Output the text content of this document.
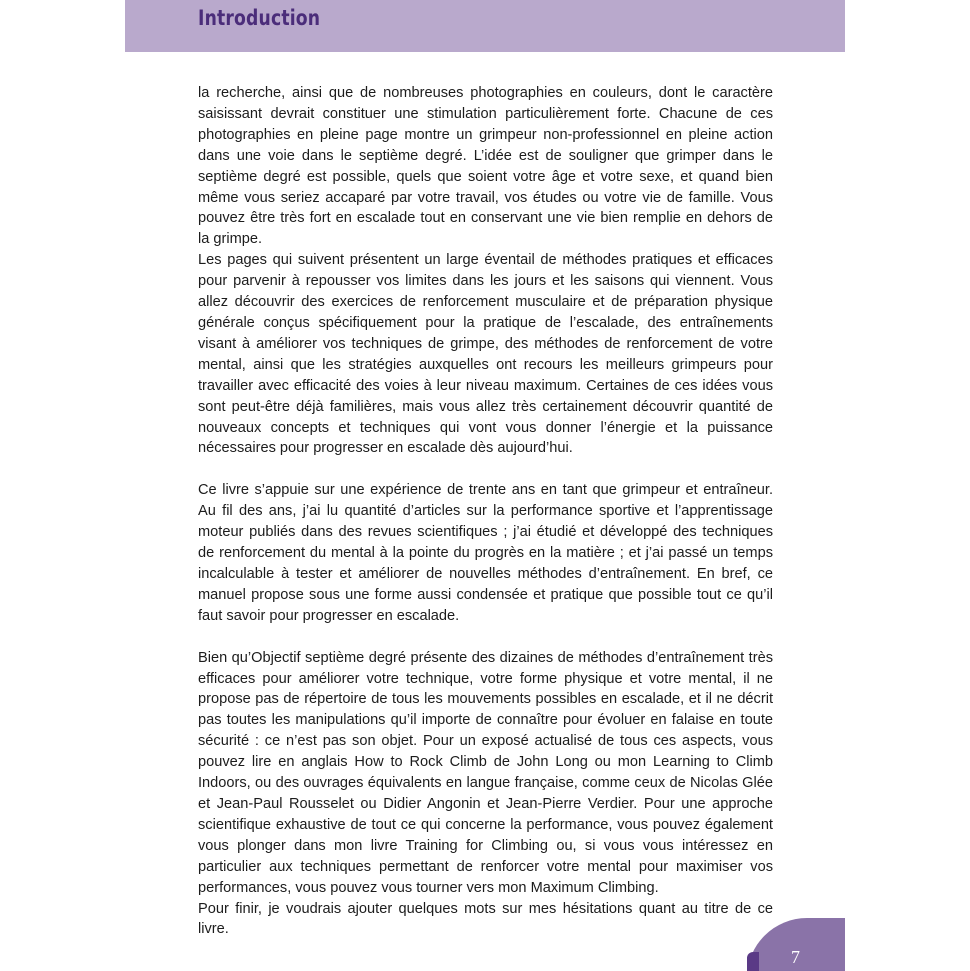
Introduction

la recherche, ainsi que de nombreuses photographies en couleurs, dont le caractère saisissant devrait constituer une stimulation particulièrement forte. Chacune de ces photographies en pleine page montre un grimpeur non-professionnel en pleine action dans une voie dans le septième degré. L’idée est de souligner que grimper dans le septième degré est possible, quels que soient votre âge et votre sexe, et quand bien même vous seriez accaparé par votre travail, vos études ou votre vie de famille. Vous pouvez être très fort en escalade tout en conservant une vie bien remplie en dehors de la grimpe.

Les pages qui suivent présentent un large éventail de méthodes pratiques et efficaces pour parvenir à repousser vos limites dans les jours et les saisons qui viennent. Vous allez découvrir des exercices de renforcement musculaire et de préparation physique générale conçus spécifiquement pour la pratique de l’escalade, des entraînements visant à améliorer vos techniques de grimpe, des méthodes de renforcement de votre mental, ainsi que les stratégies auxquelles ont recours les meilleurs grimpeurs pour travailler avec efficacité des voies à leur niveau maximum. Certaines de ces idées vous sont peut-être déjà familières, mais vous allez très certainement découvrir quantité de nouveaux concepts et techniques qui vont vous donner l’énergie et la puissance nécessaires pour progresser en escalade dès aujourd’hui.

Ce livre s’appuie sur une expérience de trente ans en tant que grimpeur et entraîneur. Au fil des ans, j’ai lu quantité d’articles sur la performance sportive et l’apprentissage moteur publiés dans des revues scientifiques ; j’ai étudié et développé des techniques de renforcement du mental à la pointe du progrès en la matière ; et j’ai passé un temps incalculable à tester et améliorer de nouvelles méthodes d’entraînement. En bref, ce manuel propose sous une forme aussi condensée et pratique que possible tout ce qu’il faut savoir pour progresser en escalade.

Bien qu’Objectif septième degré présente des dizaines de méthodes d’entraînement très efficaces pour améliorer votre technique, votre forme physique et votre mental, il ne propose pas de répertoire de tous les mouvements possibles en escalade, et il ne décrit pas toutes les manipulations qu’il importe de connaître pour évoluer en falaise en toute sécurité : ce n’est pas son objet. Pour un exposé actualisé de tous ces aspects, vous pouvez lire en anglais How to Rock Climb de John Long ou mon Learning to Climb Indoors, ou des ouvrages équivalents en langue française, comme ceux de Nicolas Glée et Jean-Paul Rousselet ou Didier Angonin et Jean-Pierre Verdier. Pour une approche scientifique exhaustive de tout ce qui concerne la performance, vous pouvez également vous plonger dans mon livre Training for Climbing ou, si vous vous intéressez en particulier aux techniques permettant de renforcer votre mental pour maximiser vos performances, vous pouvez vous tourner vers mon Maximum Climbing.

Pour finir, je voudrais ajouter quelques mots sur mes hésitations quant au titre de ce livre.

7
